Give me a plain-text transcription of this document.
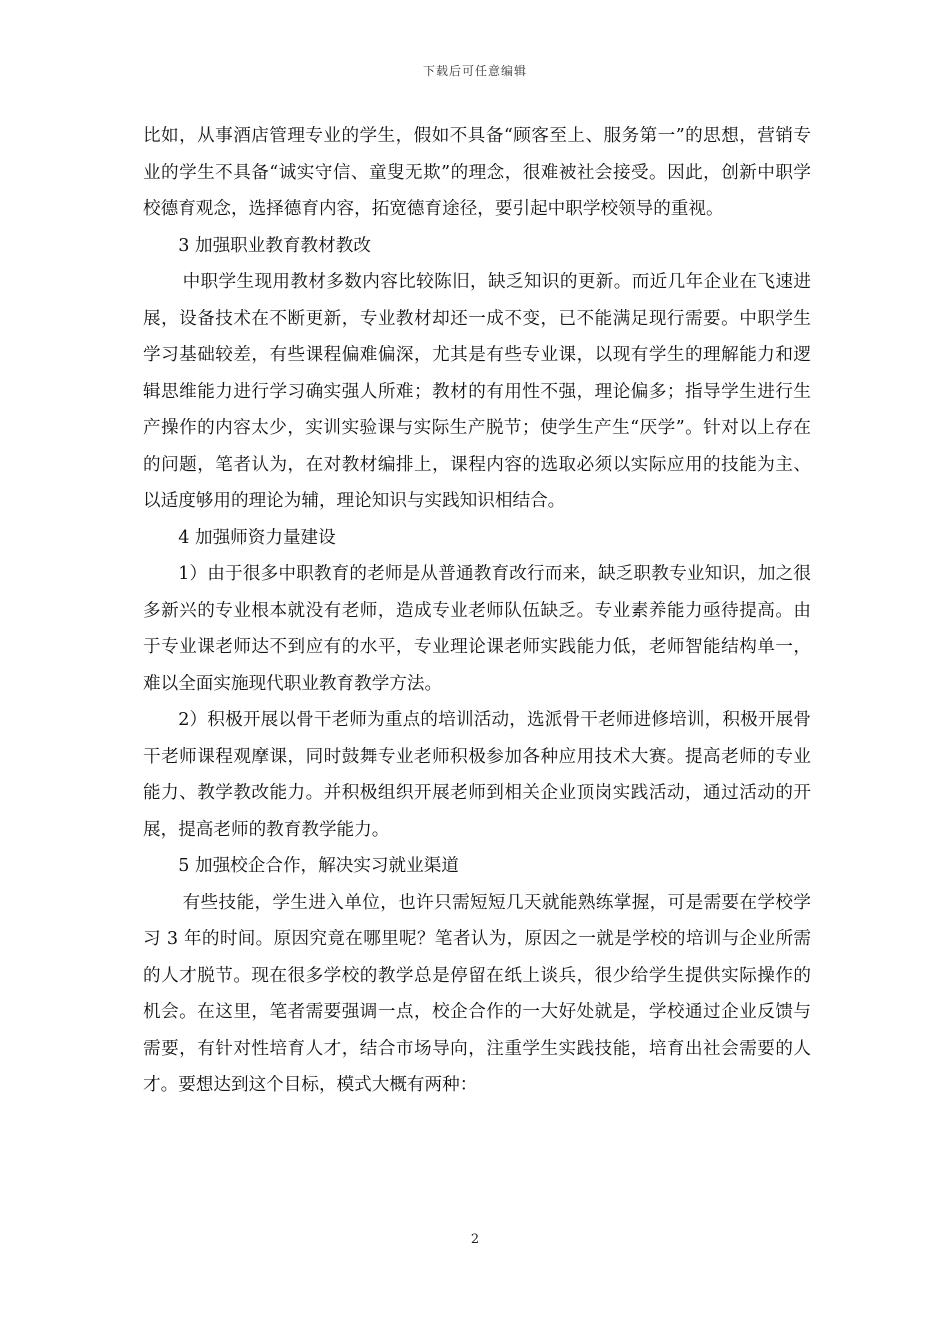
下载后可任意编辑

比如，从事酒店管理专业的学生，假如不具备“顾客至上、服务第一”的思想，营销专业的学生不具备“诚实守信、童叟无欺”的理念，很难被社会接受。因此，创新中职学校德育观念，选择德育内容，拓宽德育途径，要引起中职学校领导的重视。

3 加强职业教育教材教改

中职学生现用教材多数内容比较陈旧，缺乏知识的更新。而近几年企业在飞速进展，设备技术在不断更新，专业教材却还一成不变，已不能满足现行需要。中职学生学习基础较差，有些课程偏难偏深，尤其是有些专业课，以现有学生的理解能力和逻辑思维能力进行学习确实强人所难；教材的有用性不强，理论偏多；指导学生进行生产操作的内容太少，实训实验课与实际生产脱节；使学生产生“厌学”。针对以上存在的问题，笔者认为，在对教材编排上，课程内容的选取必须以实际应用的技能为主、以适度够用的理论为辅，理论知识与实践知识相结合。

4 加强师资力量建设

1）由于很多中职教育的老师是从普通教育改行而来，缺乏职教专业知识，加之很多新兴的专业根本就没有老师，造成专业老师队伍缺乏。专业素养能力亟待提高。由于专业课老师达不到应有的水平，专业理论课老师实践能力低，老师智能结构单一，难以全面实施现代职业教育教学方法。

2）积极开展以骨干老师为重点的培训活动，选派骨干老师进修培训，积极开展骨干老师课程观摩课，同时鼓舞专业老师积极参加各种应用技术大赛。提高老师的专业能力、教学教改能力。并积极组织开展老师到相关企业顶岗实践活动，通过活动的开展，提高老师的教育教学能力。

5 加强校企合作，解决实习就业渠道

有些技能，学生进入单位，也许只需短短几天就能熟练掌握，可是需要在学校学习 3 年的时间。原因究竟在哪里呢？笔者认为，原因之一就是学校的培训与企业所需的人才脱节。现在很多学校的教学总是停留在纸上谈兵，很少给学生提供实际操作的机会。在这里，笔者需要强调一点，校企合作的一大好处就是，学校通过企业反馈与需要，有针对性培育人才，结合市场导向，注重学生实践技能，培育出社会需要的人才。要想达到这个目标，模式大概有两种：

2
